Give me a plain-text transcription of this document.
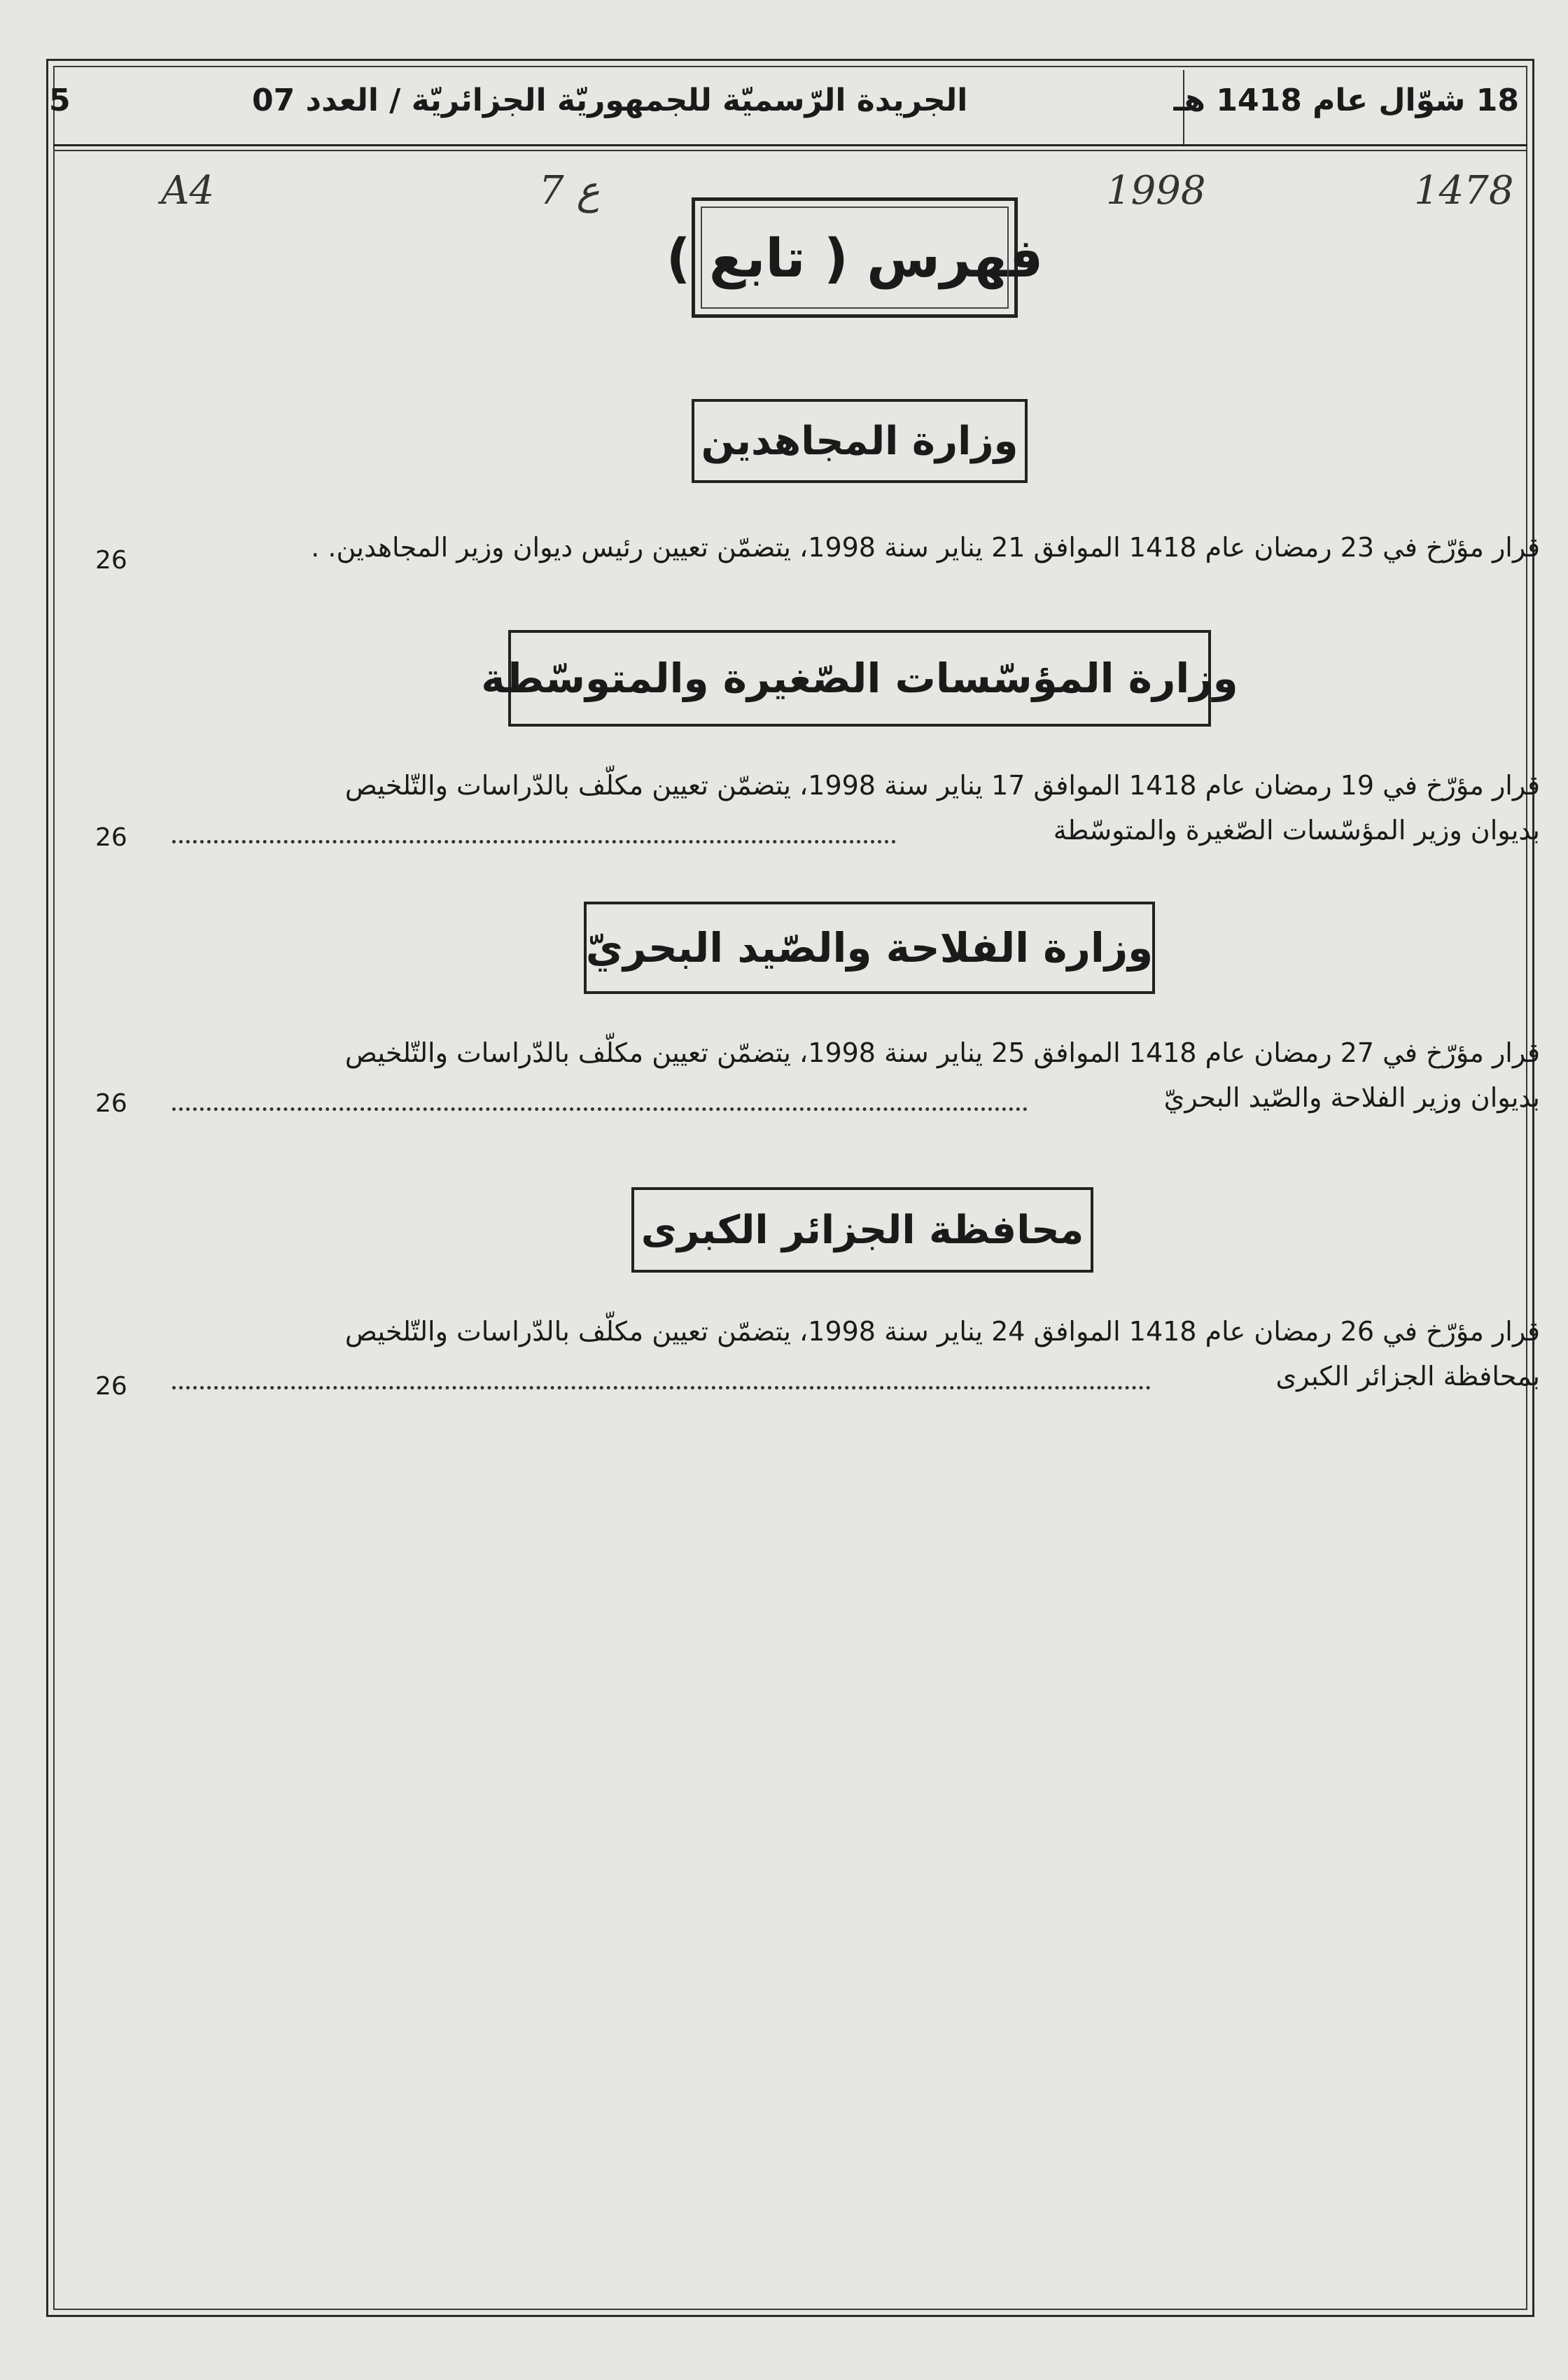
5	الجريدة الرّسميّة للجمهوريّة الجزائريّة / العدد 07	18 شوّال عام 1418 هـ
A4	7 ع	1998	1478
فهرس ( تابع )
وزارة المجاهدين
قرار مؤرّخ في 23 رمضان عام 1418 الموافق 21 يناير سنة 1998، يتضمّن تعيين رئيس ديوان وزير المجاهدين. .
26
وزارة المؤسّسات الصّغيرة والمتوسّطة
قرار مؤرّخ في 19 رمضان عام 1418 الموافق 17 يناير سنة 1998، يتضمّن تعيين مكلّف بالدّراسات والتّلخيص
بديوان وزير المؤسّسات الصّغيرة والمتوسّطة
26
وزارة الفلاحة والصّيد البحريّ
قرار مؤرّخ في 27 رمضان عام 1418 الموافق 25 يناير سنة 1998، يتضمّن تعيين مكلّف بالدّراسات والتّلخيص
بديوان وزير الفلاحة والصّيد البحريّ
26
محافظة الجزائر الكبرى
قرار مؤرّخ في 26 رمضان عام 1418 الموافق 24 يناير سنة 1998، يتضمّن تعيين مكلّف بالدّراسات والتّلخيص
بمحافظة الجزائر الكبرى
26
